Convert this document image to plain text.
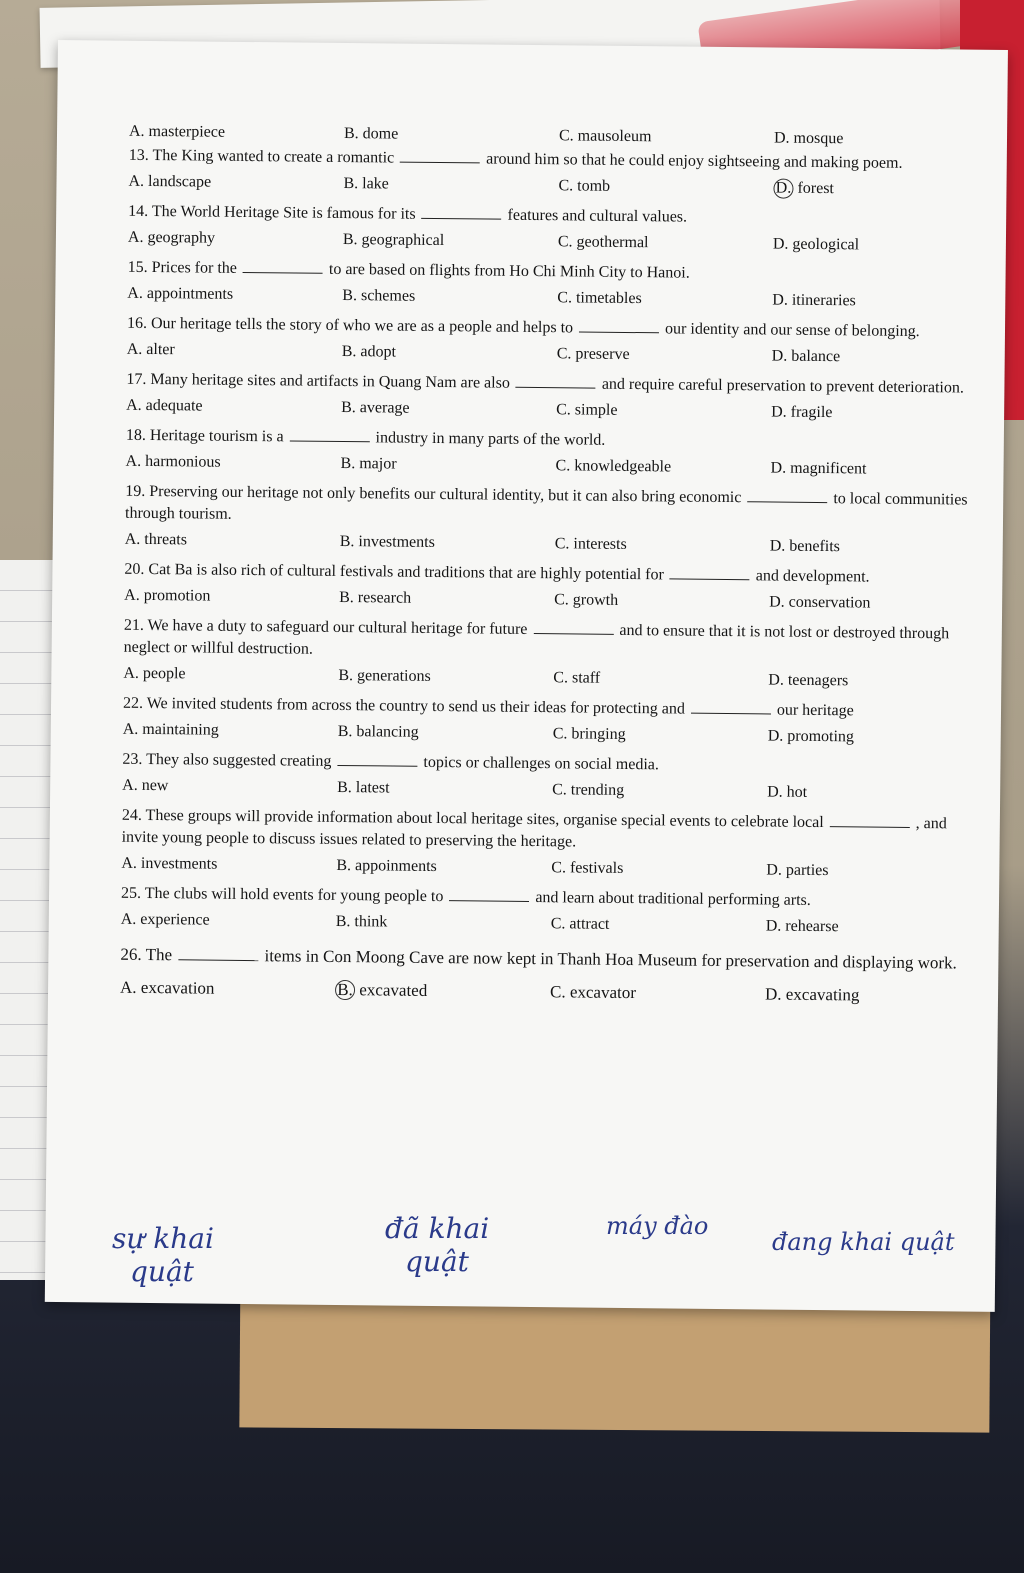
A. masterpiece	B. dome	C. mausoleum	D. mosque
13. The King wanted to create a romantic	around him so that he could enjoy sightseeing and making poem.
A. landscape	B. lake	C. tomb	D. forest
14. The World Heritage Site is famous for its	features and cultural values.
A. geography	B. geographical	C. geothermal	D. geological
15. Prices for the	to are based on flights from Ho Chi Minh City to Hanoi.
A. appointments	B. schemes	C. timetables	D. itineraries
16. Our heritage tells the story of who we are as a people and helps to	our identity and our sense of belonging.
A. alter	B. adopt	C. preserve	D. balance
17. Many heritage sites and artifacts in Quang Nam are also	and require careful preservation to prevent deterioration.
A. adequate	B. average	C. simple	D. fragile
18. Heritage tourism is a	industry in many parts of the world.
A. harmonious	B. major	C. knowledgeable	D. magnificent
19. Preserving our heritage not only benefits our cultural identity, but it can also bring economic	to local communities through tourism.
A. threats	B. investments	C. interests	D. benefits
20. Cat Ba is also rich of cultural festivals and traditions that are highly potential for	and development.
A. promotion	B. research	C. growth	D. conservation
21. We have a duty to safeguard our cultural heritage for future	and to ensure that it is not lost or destroyed through neglect or willful destruction.
A. people	B. generations	C. staff	D. teenagers
22. We invited students from across the country to send us their ideas for protecting and	our heritage
A. maintaining	B. balancing	C. bringing	D. promoting
23. They also suggested creating	topics or challenges on social media.
A. new	B. latest	C. trending	D. hot
24. These groups will provide information about local heritage sites, organise special events to celebrate local	, and invite young people to discuss issues related to preserving the heritage.
A. investments	B. appoinments	C. festivals	D. parties
25. The clubs will hold events for young people to	and learn about traditional performing arts.
A. experience	B. think	C. attract	D. rehearse
26. The	items in Con Moong Cave are now kept in Thanh Hoa Museum for preservation and displaying work.
A. excavation	B. excavated	C. excavator	D. excavating
sự khai
quật
đã khai
quật
máy đào
đang khai quật
